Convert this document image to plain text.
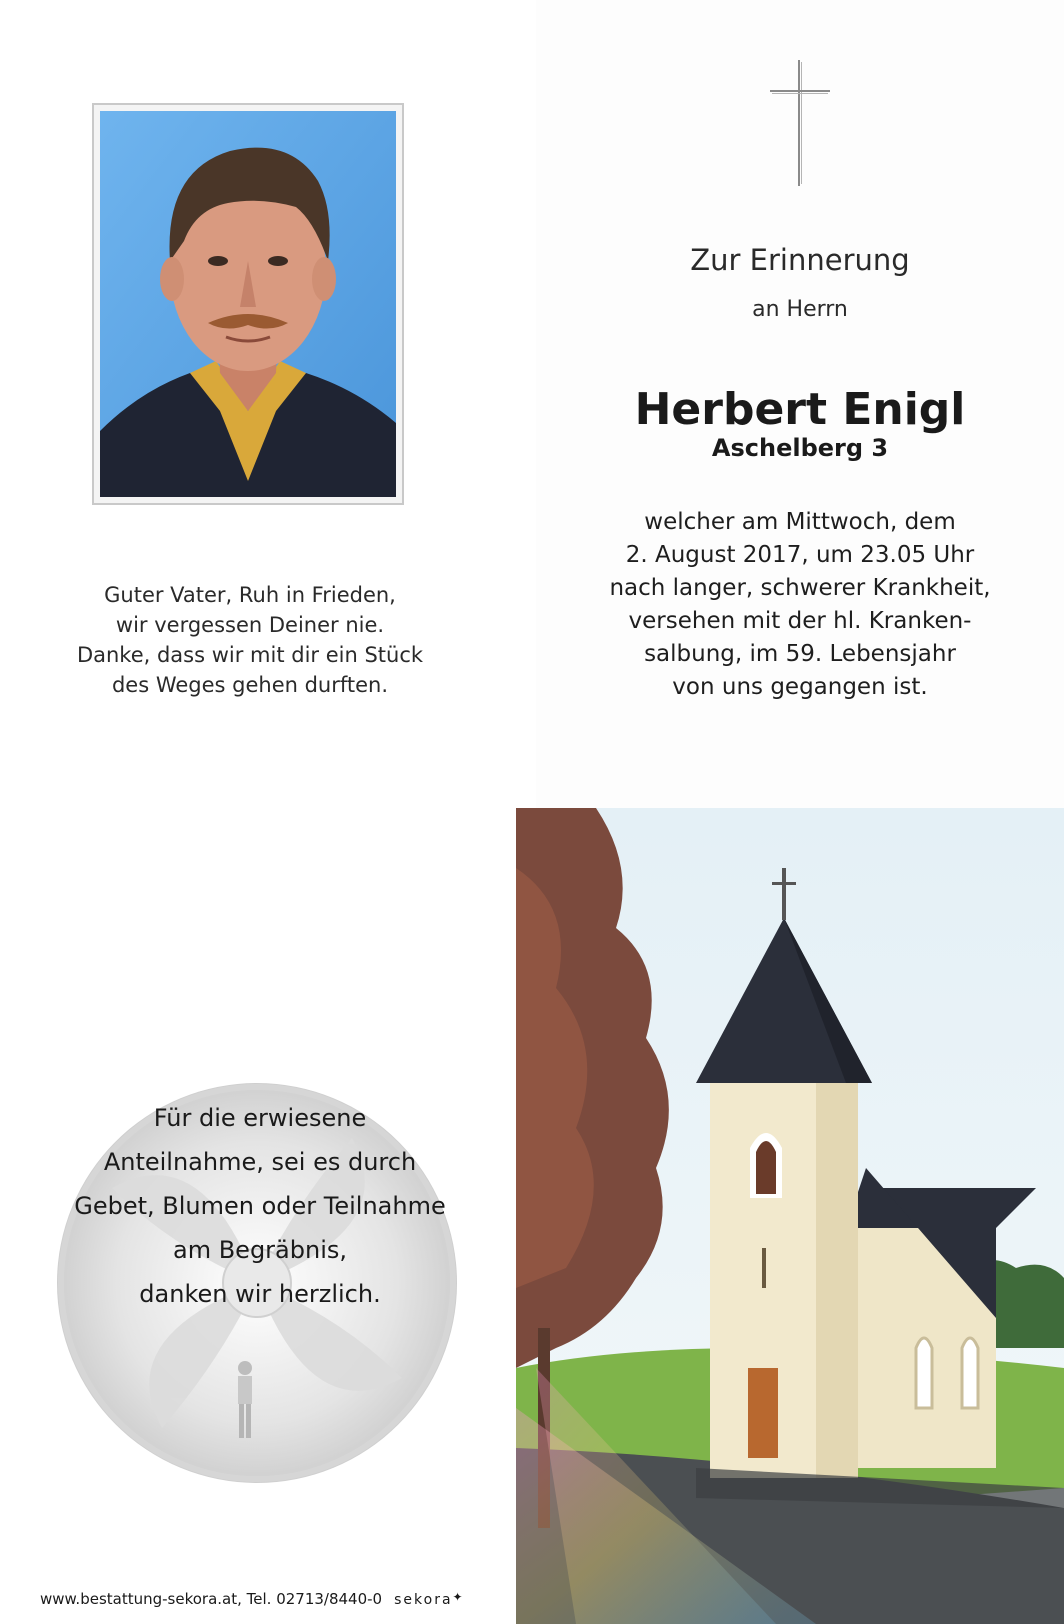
Guter Vater, Ruh in Frieden,
wir vergessen Deiner nie.
Danke, dass wir mit dir ein Stück
des Weges gehen durften.
Zur Erinnerung
an Herrn
Herbert Enigl
Aschelberg 3
welcher am Mittwoch, dem
2. August 2017, um 23.05 Uhr
nach langer, schwerer Krankheit,
versehen mit der hl. Kranken-
salbung, im 59. Lebensjahr
von uns gegangen ist.
Für die erwiesene
Anteilnahme, sei es durch
Gebet, Blumen oder Teilnahme
am Begräbnis,
danken wir herzlich.
www.bestattung-sekora.at, Tel. 02713/8440-0 sekora✦
